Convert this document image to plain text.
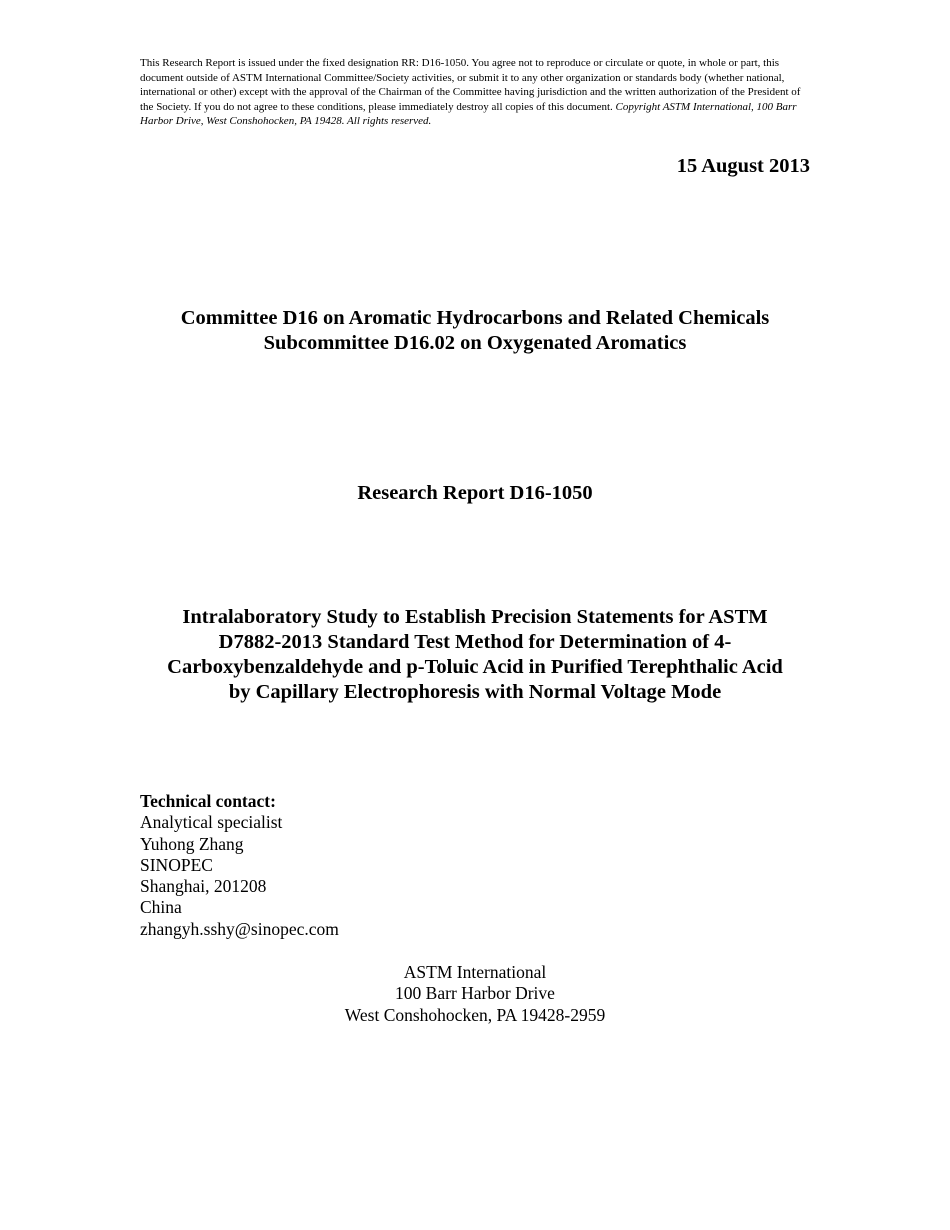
This Research Report is issued under the fixed designation RR: D16-1050. You agree not to reproduce or circulate or quote, in whole or part, this document outside of ASTM International Committee/Society activities, or submit it to any other organization or standards body (whether national, international or other) except with the approval of the Chairman of the Committee having jurisdiction and the written authorization of the President of the Society. If you do not agree to these conditions, please immediately destroy all copies of this document. Copyright ASTM International, 100 Barr Harbor Drive, West Conshohocken, PA 19428. All rights reserved.
15 August 2013
Committee D16 on Aromatic Hydrocarbons and Related Chemicals
Subcommittee D16.02 on Oxygenated Aromatics
Research Report D16-1050
Intralaboratory Study to Establish Precision Statements for ASTM
D7882-2013 Standard Test Method for Determination of 4-
Carboxybenzaldehyde and p-Toluic Acid in Purified Terephthalic Acid
by Capillary Electrophoresis with Normal Voltage Mode
Technical contact:
Analytical specialist
Yuhong Zhang
SINOPEC
Shanghai, 201208
China
zhangyh.sshy@sinopec.com
ASTM International
100 Barr Harbor Drive
West Conshohocken, PA 19428-2959
